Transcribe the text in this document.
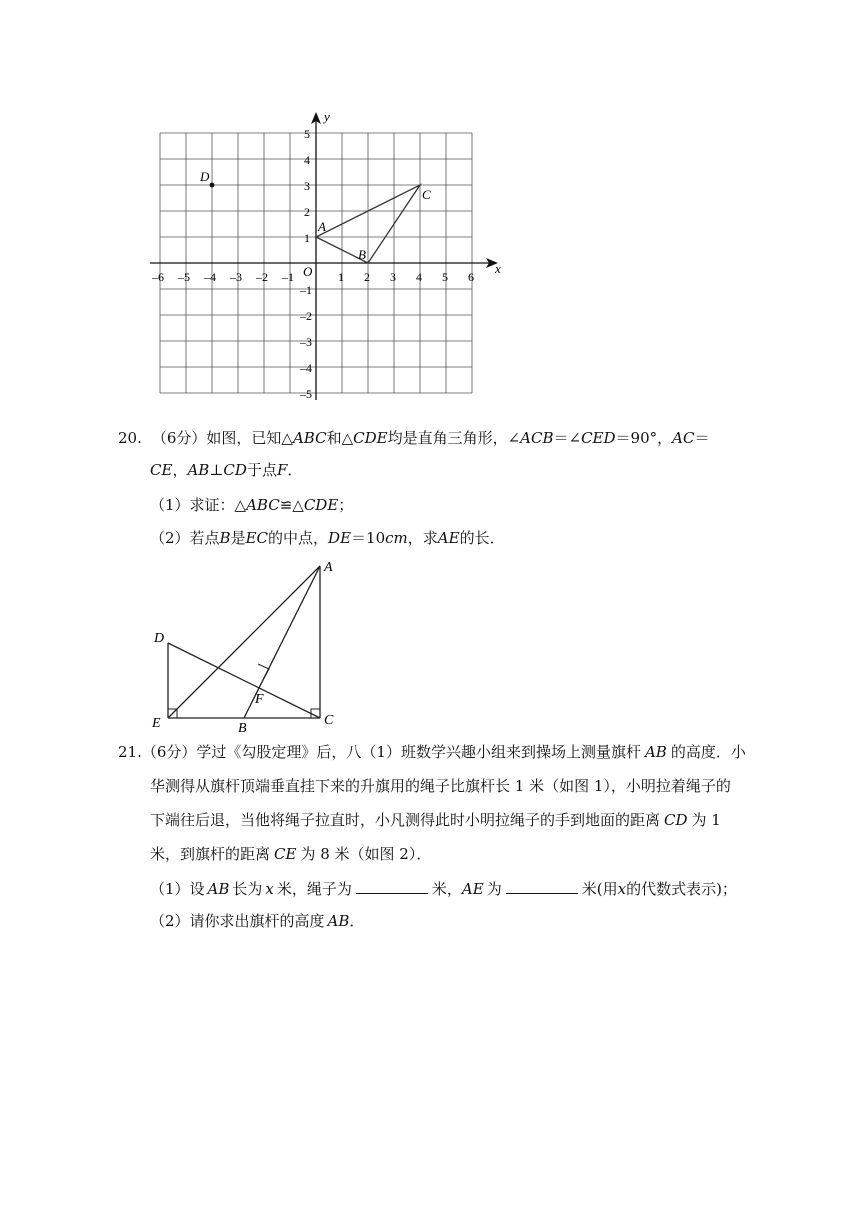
x
y
O
–6 –5 –4 –3 –2 –1	1 2 3 4 5 6
5
4
3
2
1
–1
–2
–3
–4
–5
D
A
B
C
20. （6分）如图，已知△ABC和△CDE均是直角三角形，∠ACB＝∠CED＝90°，AC＝
CE，AB⊥CD于点F．
（1）求证：△ABC≌△CDE；
（2）若点B是EC的中点，DE＝10cm，求AE的长．
A
D
F
E	B
C
21.（6分）学过《勾股定理》后，八（1）班数学兴趣小组来到操场上测量旗杆 AB 的高度．小
华测得从旗杆顶端垂直挂下来的升旗用的绳子比旗杆长 1 米（如图 1），小明拉着绳子的
下端往后退，当他将绳子拉直时，小凡测得此时小明拉绳子的手到地面的距离 CD 为 1
米，到旗杆的距离 CE 为 8 米（如图 2）．
（1）设 AB 长为 x 米，绳子为	米，AE 为	米(用x的代数式表示)；
（2）请你求出旗杆的高度 AB．
